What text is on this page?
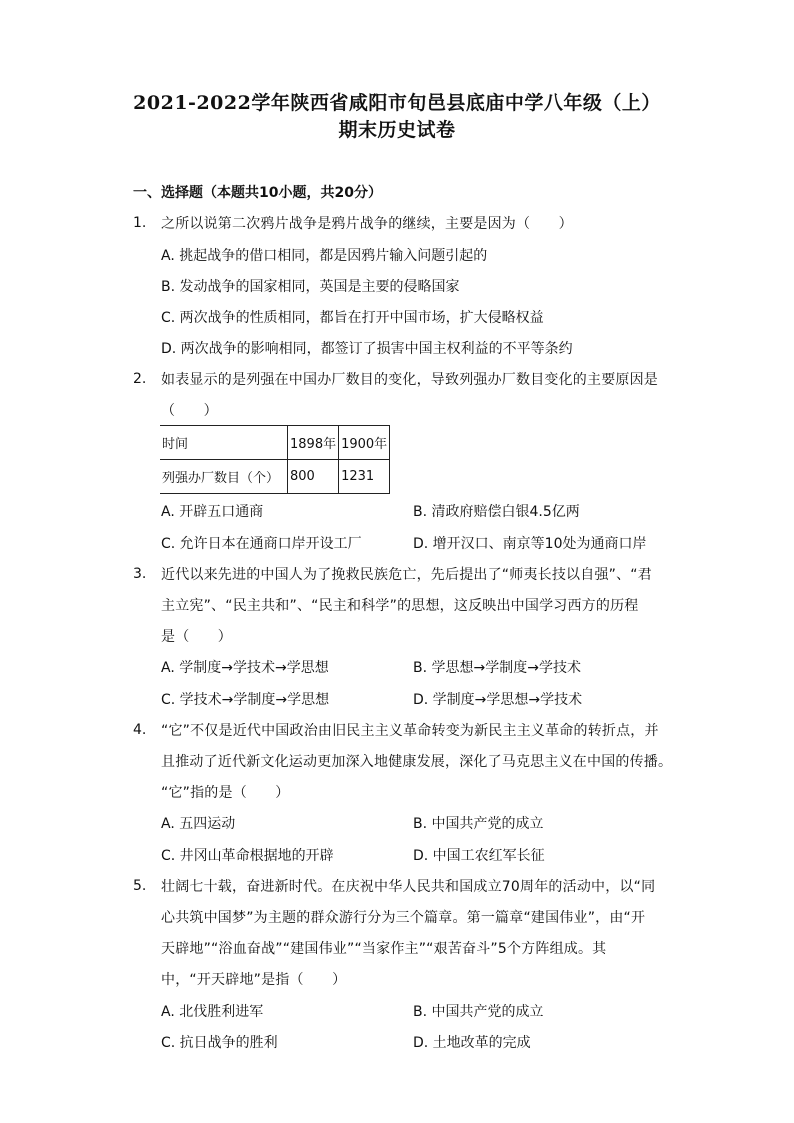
2021-2022学年陕西省咸阳市旬邑县底庙中学八年级（上）
期末历史试卷
一、选择题（本题共10小题，共20分）
1. 之所以说第二次鸦片战争是鸦片战争的继续，主要是因为（　　）
A. 挑起战争的借口相同，都是因鸦片输入问题引起的
B. 发动战争的国家相同，英国是主要的侵略国家
C. 两次战争的性质相同，都旨在打开中国市场，扩大侵略权益
D. 两次战争的影响相同，都签订了损害中国主权利益的不平等条约
2. 如表显示的是列强在中国办厂数目的变化，导致列强办厂数目变化的主要原因是
（　　）
时间	1898年	1900年
列强办厂数目（个）	800	1231
A. 开辟五口通商	B. 清政府赔偿白银4.5亿两
C. 允许日本在通商口岸开设工厂	D. 增开汉口、南京等10处为通商口岸
3. 近代以来先进的中国人为了挽救民族危亡，先后提出了“师夷长技以自强”、“君
主立宪”、“民主共和”、“民主和科学”的思想，这反映出中国学习西方的历程
是（　　）
A. 学制度→学技术→学思想	B. 学思想→学制度→学技术
C. 学技术→学制度→学思想	D. 学制度→学思想→学技术
4. “它”不仅是近代中国政治由旧民主主义革命转变为新民主主义革命的转折点，并
且推动了近代新文化运动更加深入地健康发展，深化了马克思主义在中国的传播。
“它”指的是（　　）
A. 五四运动	B. 中国共产党的成立
C. 井冈山革命根据地的开辟	D. 中国工农红军长征
5. 壮阔七十载，奋进新时代。在庆祝中华人民共和国成立70周年的活动中，以“同
心共筑中国梦”为主题的群众游行分为三个篇章。第一篇章“建国伟业”，由“开
天辟地”“浴血奋战”“建国伟业”“当家作主”“艰苦奋斗”5个方阵组成。其
中，“开天辟地”是指（　　）
A. 北伐胜利进军	B. 中国共产党的成立
C. 抗日战争的胜利	D. 土地改革的完成
